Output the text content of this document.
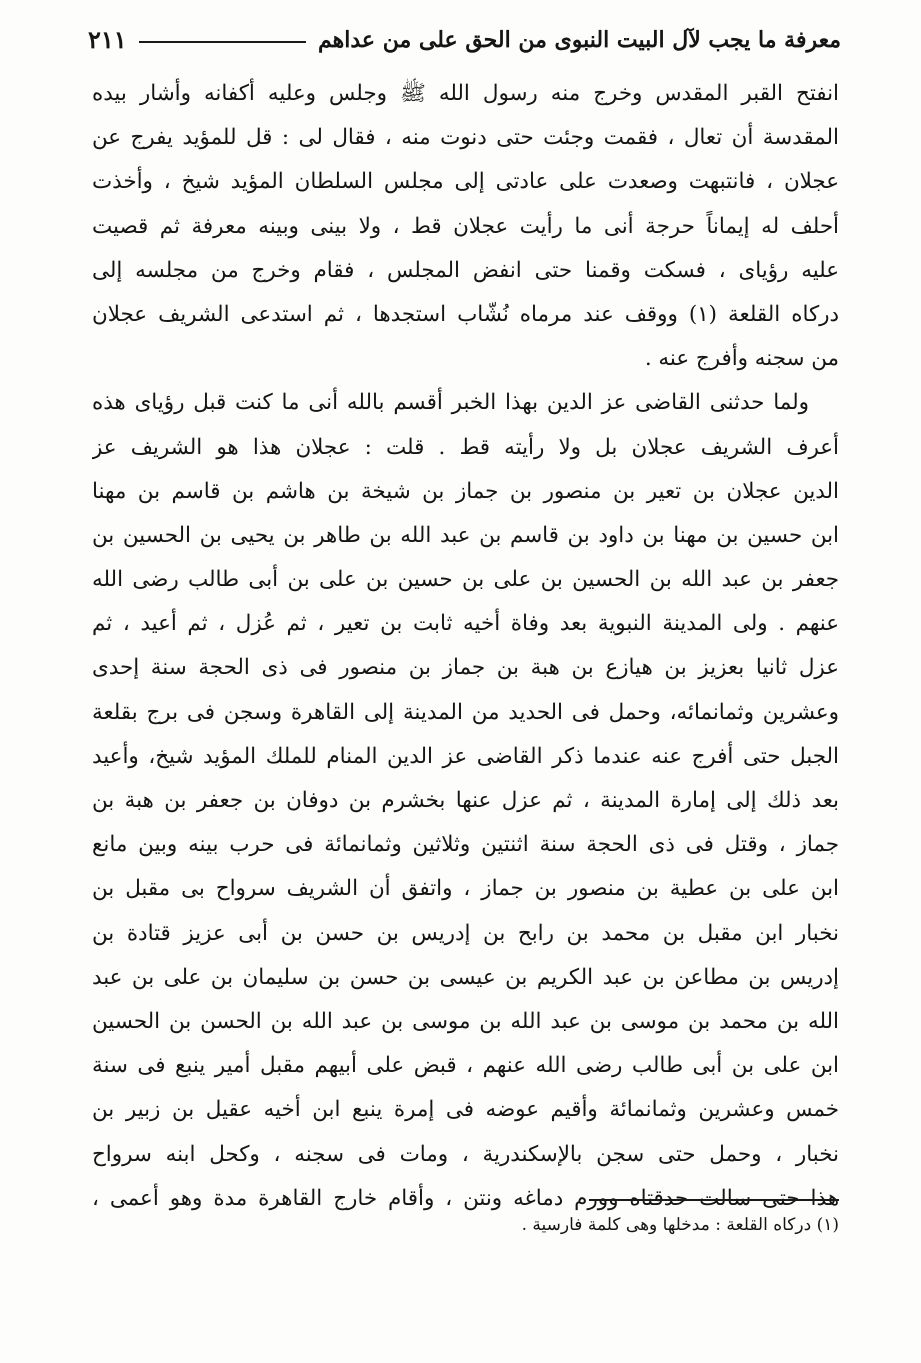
٢١١	معرفة ما يجب لآل البيت النبوى من الحق على من عداهم
انفتح القبر المقدس وخرج منه رسول الله ﷺ وجلس وعليه أكفانه وأشار بيده
المقدسة أن تعال ، فقمت وجئت حتى دنوت منه ، فقال لى : قل للمؤيد يفرج عن
عجلان ، فانتبهت وصعدت على عادتى إلى مجلس السلطان المؤيد شيخ ، وأخذت
أحلف له إيماناً حرجة أنى ما رأيت عجلان قط ، ولا بينى وبينه معرفة ثم قصيت
عليه رؤياى ، فسكت وقمنا حتى انفض المجلس ، فقام وخرج من مجلسه إلى
دركاه القلعة (١) ووقف عند مرماه نُشّاب استجدها ، ثم استدعى الشريف عجلان
من سجنه وأفرج عنه .
ولما حدثنى القاضى عز الدين بهذا الخبر أقسم بالله أنى ما كنت قبل رؤياى هذه
أعرف الشريف عجلان بل ولا رأيته قط . قلت : عجلان هذا هو الشريف عز
الدين عجلان بن تعير بن منصور بن جماز بن شيخة بن هاشم بن قاسم بن مهنا
ابن حسين بن مهنا بن داود بن قاسم بن عبد الله بن طاهر بن يحيى بن الحسين بن
جعفر بن عبد الله بن الحسين بن على بن حسين بن على بن أبى طالب رضى الله
عنهم . ولى المدينة النبوية بعد وفاة أخيه ثابت بن تعير ، ثم عُزل ، ثم أعيد ، ثم
عزل ثانيا بعزيز بن هيازع بن هبة بن جماز بن منصور فى ذى الحجة سنة إحدى
وعشرين وثمانمائه، وحمل فى الحديد من المدينة إلى القاهرة وسجن فى برج بقلعة
الجبل حتى أفرج عنه عندما ذكر القاضى عز الدين المنام للملك المؤيد شيخ، وأعيد
بعد ذلك إلى إمارة المدينة ، ثم عزل عنها بخشرم بن دوفان بن جعفر بن هبة بن
جماز ، وقتل فى ذى الحجة سنة اثنتين وثلاثين وثمانمائة فى حرب بينه وبين مانع
ابن على بن عطية بن منصور بن جماز ، واتفق أن الشريف سرواح بى مقبل بن
نخبار ابن مقبل بن محمد بن رابح بن إدريس بن حسن بن أبى عزيز قتادة بن
إدريس بن مطاعن بن عبد الكريم بن عيسى بن حسن بن سليمان بن على بن عبد
الله بن محمد بن موسى بن عبد الله بن موسى بن عبد الله بن الحسن بن الحسين
ابن على بن أبى طالب رضى الله عنهم ، قبض على أبيهم مقبل أمير ينبع فى سنة
خمس وعشرين وثمانمائة وأقيم عوضه فى إمرة ينبع ابن أخيه عقيل بن زبير بن
نخبار ، وحمل حتى سجن بالإسكندرية ، ومات فى سجنه ، وكحل ابنه سرواح
هذا حتى سالت حدقتاه وورم دماغه ونتن ، وأقام خارج القاهرة مدة وهو أعمى ،
(١) دركاه القلعة : مدخلها وهى كلمة فارسية .
